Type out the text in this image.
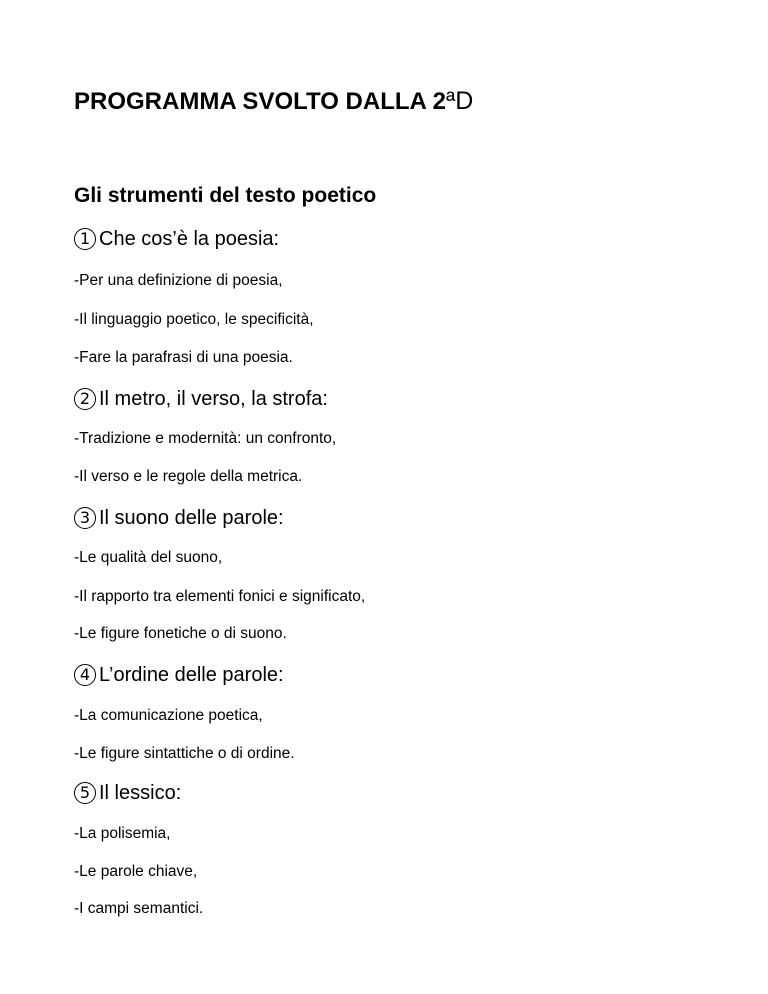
PROGRAMMA SVOLTO DALLA 2ªD
Gli strumenti del testo poetico
1 Che cos’è la poesia:
-Per una definizione di poesia,
-Il linguaggio poetico, le specificità,
-Fare la parafrasi di una poesia.
2 Il metro, il verso, la strofa:
-Tradizione e modernità: un confronto,
-Il verso e le regole della metrica.
3 Il suono delle parole:
-Le qualità del suono,
-Il rapporto tra elementi fonici e significato,
-Le figure fonetiche o di suono.
4 L’ordine delle parole:
-La comunicazione poetica,
-Le figure sintattiche o di ordine.
5 Il lessico:
-La polisemia,
-Le parole chiave,
-I campi semantici.
